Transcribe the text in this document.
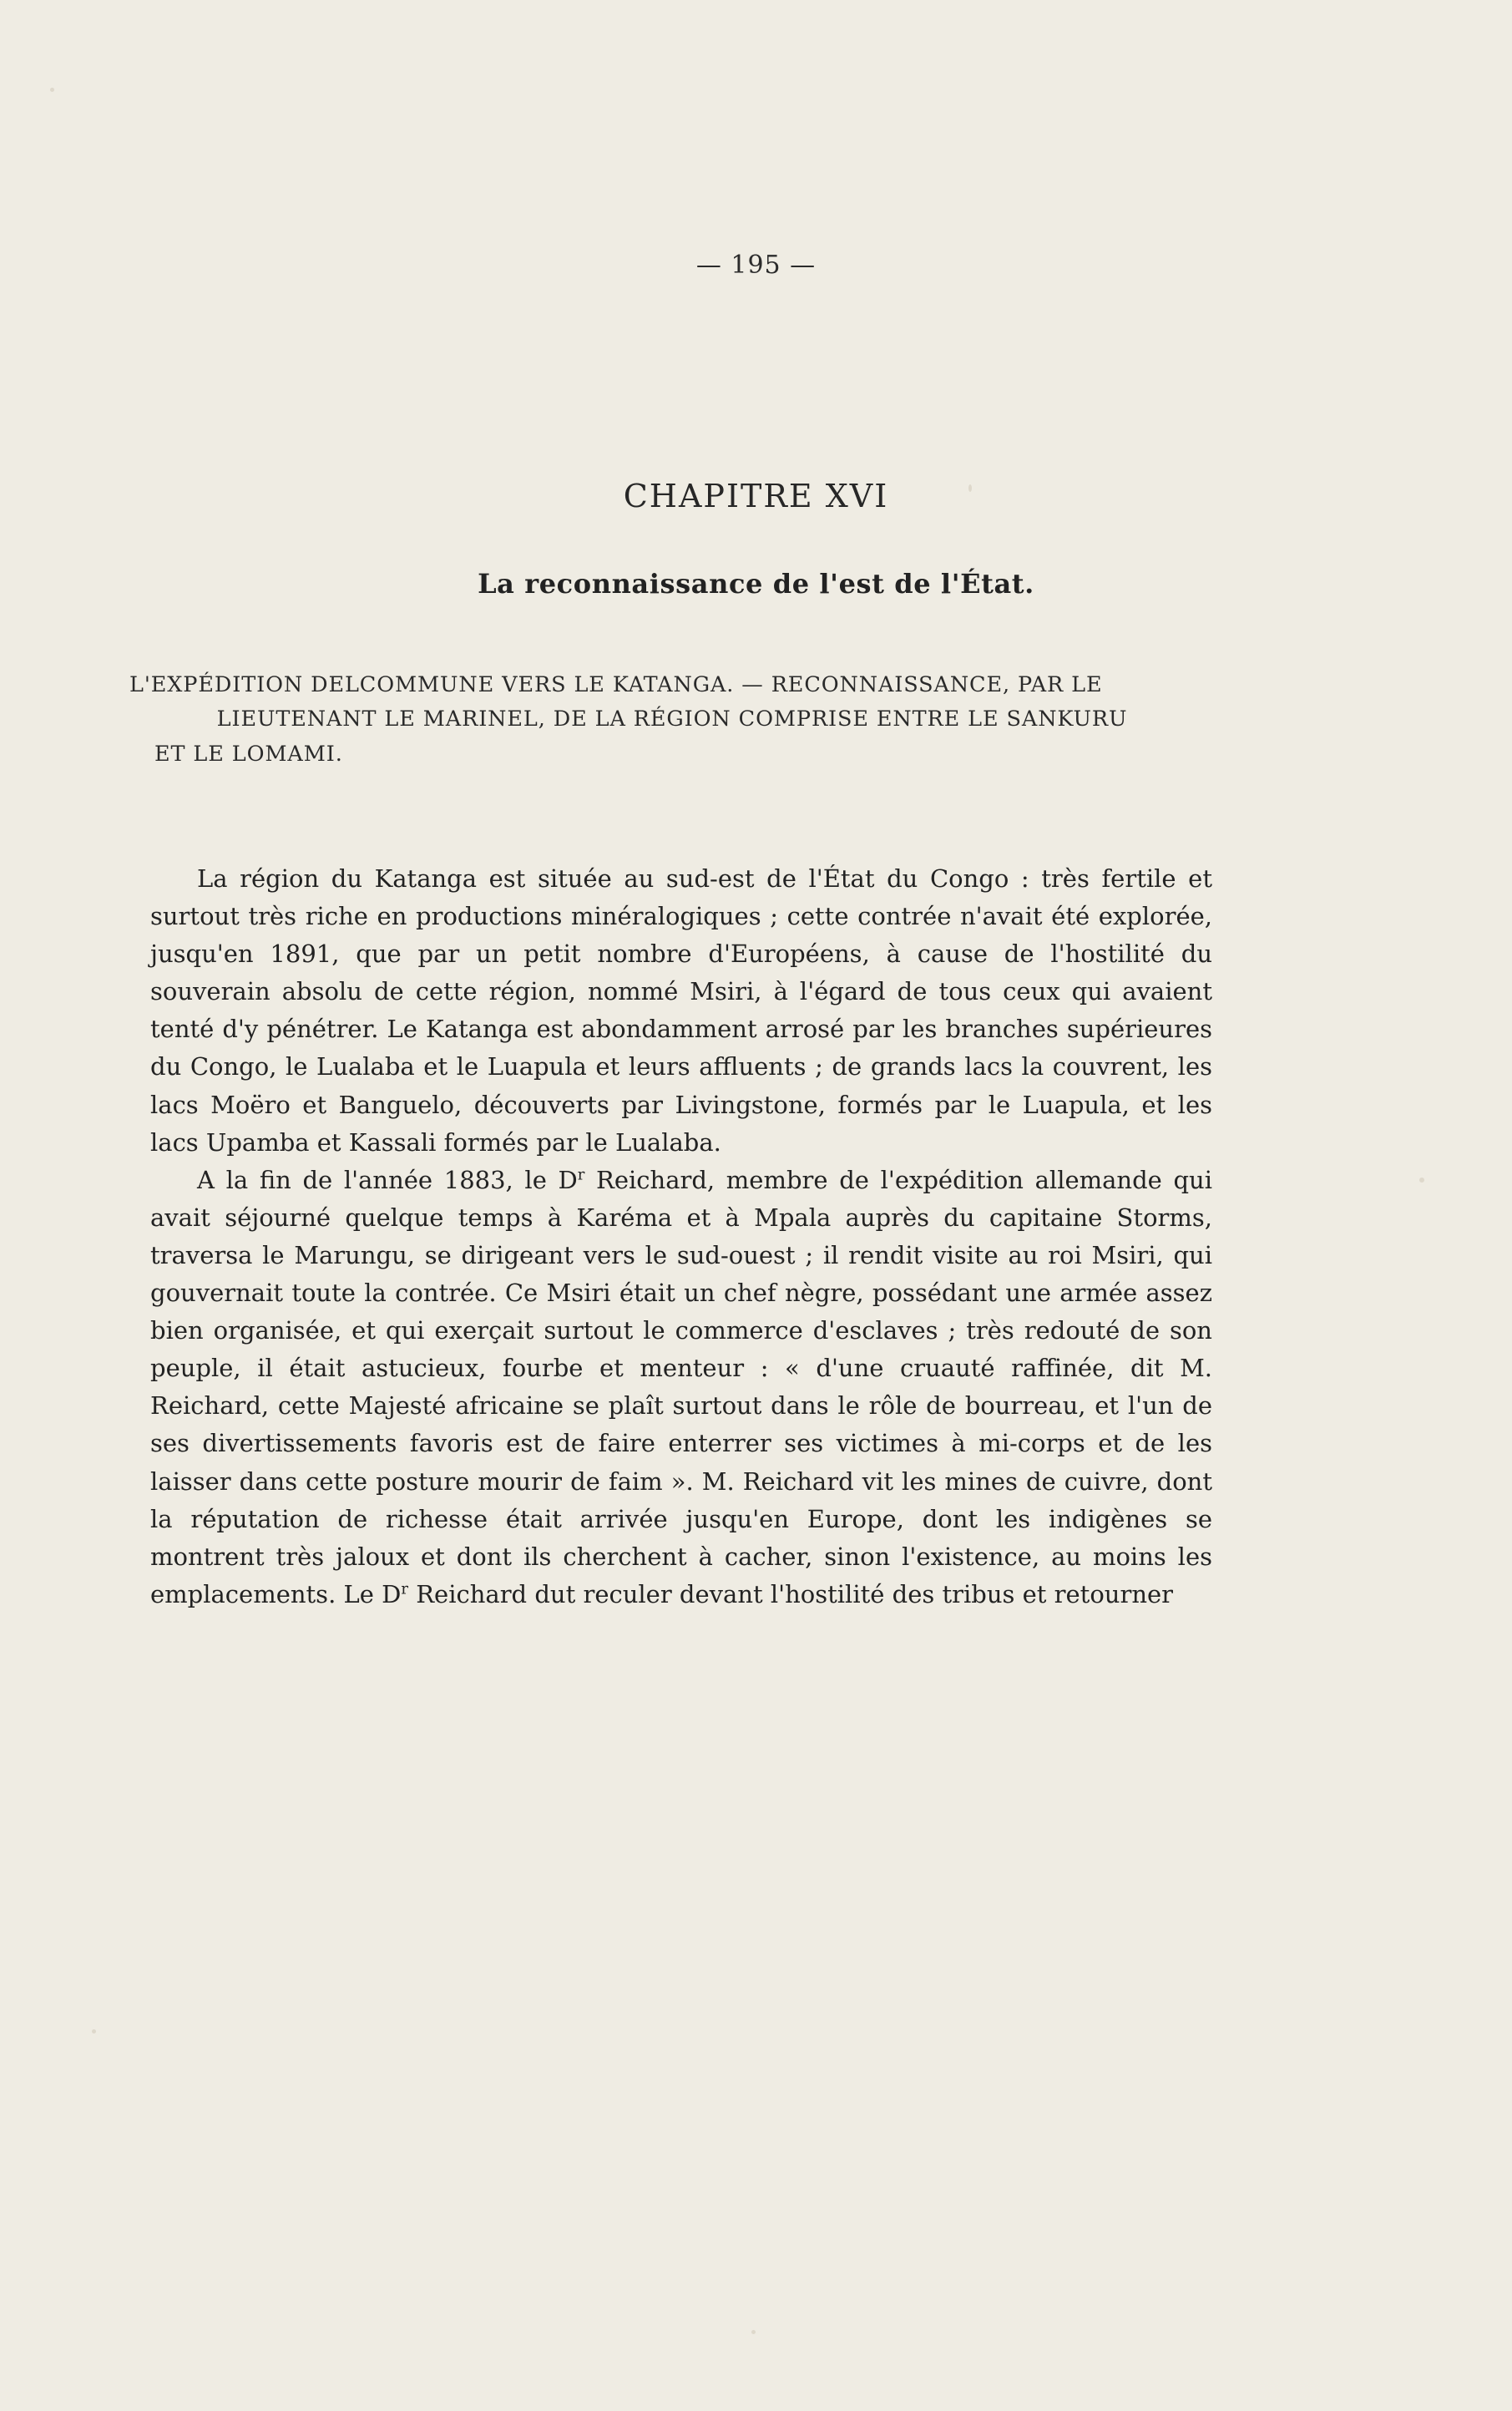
— 195 —
CHAPITRE XVI
La reconnaissance de l'est de l'État.
L'EXPÉDITION DELCOMMUNE VERS LE KATANGA. — RECONNAISSANCE, PAR LE
LIEUTENANT LE MARINEL, DE LA RÉGION COMPRISE ENTRE LE SANKURU
ET LE LOMAMI.

La région du Katanga est située au sud-est de l'État du Congo : très fertile et surtout très riche en productions minéralogiques ; cette contrée n'avait été explorée, jusqu'en 1891, que par un petit nombre d'Européens, à cause de l'hostilité du souverain absolu de cette région, nommé Msiri, à l'égard de tous ceux qui avaient tenté d'y pénétrer. Le Katanga est abondamment arrosé par les branches supérieures du Congo, le Lualaba et le Luapula et leurs affluents ; de grands lacs la couvrent, les lacs Moëro et Banguelo, découverts par Livingstone, formés par le Luapula, et les lacs Upamba et Kassali formés par le Lualaba.

A la fin de l'année 1883, le $D^r$ Reichard, membre de l'expédition allemande qui avait séjourné quelque temps à Karéma et à Mpala auprès du capitaine Storms, traversa le Marungu, se dirigeant vers le sud-ouest ; il rendit visite au roi Msiri, qui gouvernait toute la contrée. Ce Msiri était un chef nègre, possédant une armée assez bien organisée, et qui exerçait surtout le commerce d'esclaves ; très redouté de son peuple, il était astucieux, fourbe et menteur : « d'une cruauté raffinée, dit M. Reichard, cette Majesté africaine se plaît surtout dans le rôle de bourreau, et l'un de ses divertissements favoris est de faire enterrer ses victimes à mi-corps et de les laisser dans cette posture mourir de faim ». M. Reichard vit les mines de cuivre, dont la réputation de richesse était arrivée jusqu'en Europe, dont les indigènes se montrent très jaloux et dont ils cherchent à cacher, sinon l'existence, au moins les emplacements. Le $D^r$ Reichard dut reculer devant l'hostilité des tribus et retourner
